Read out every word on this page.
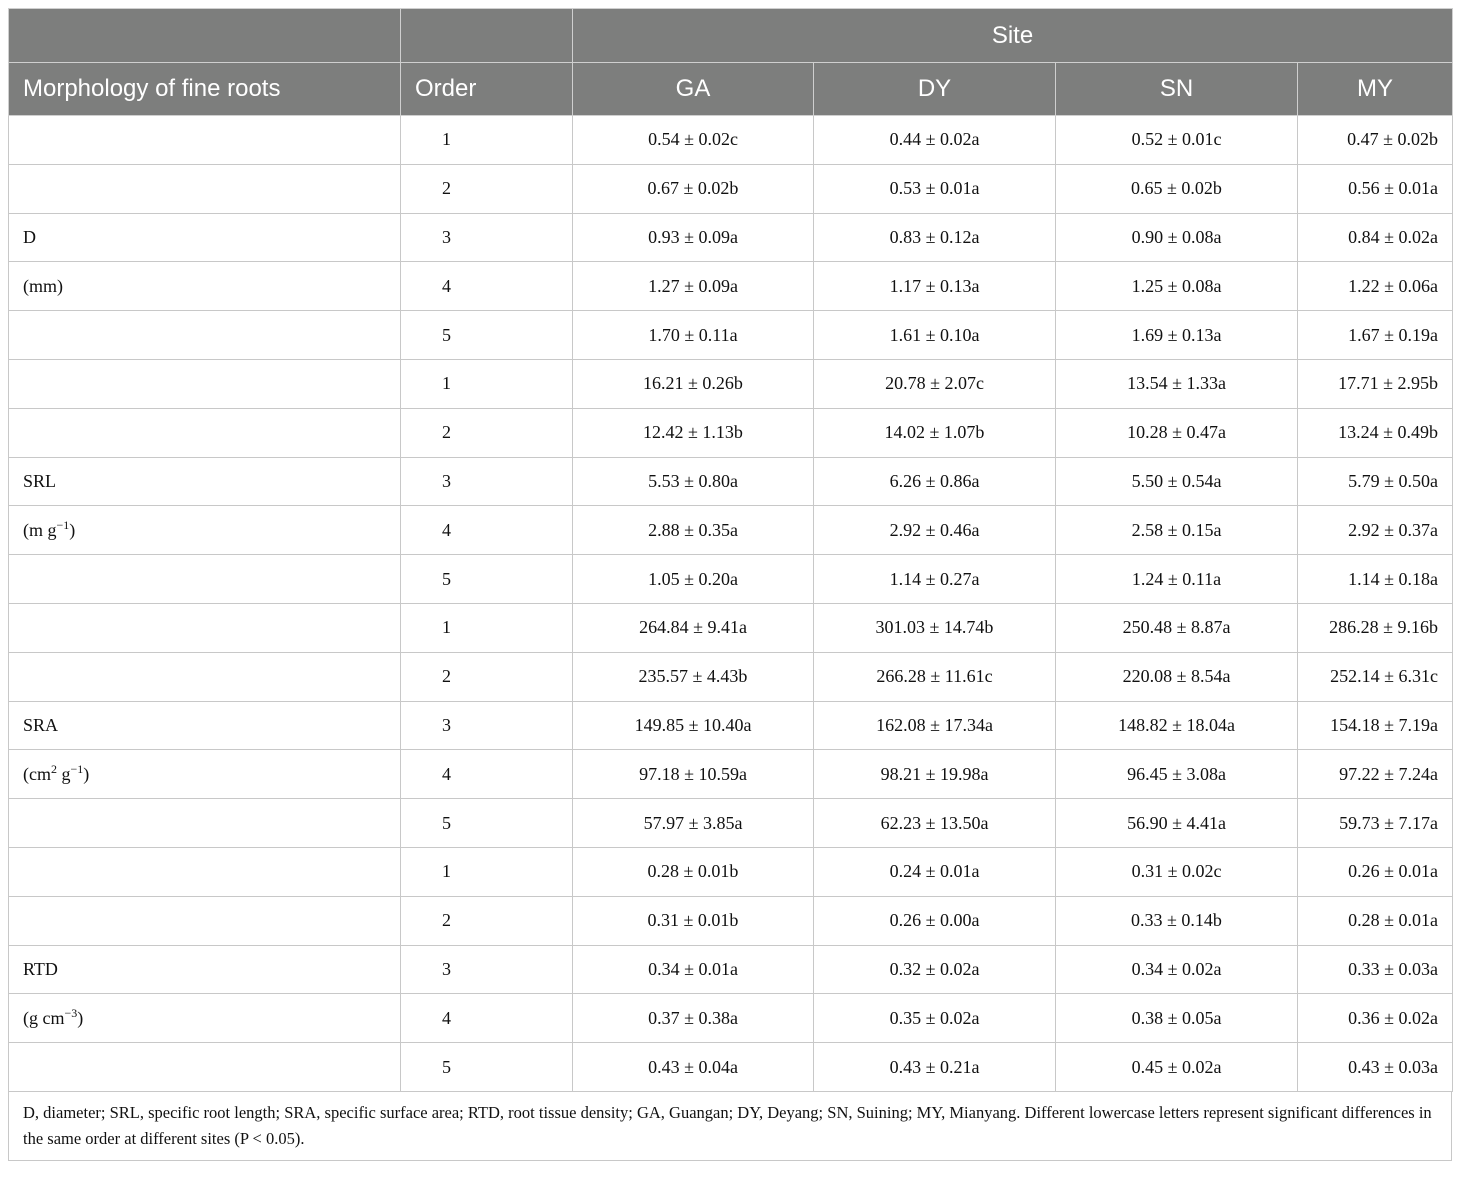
		Site			
Morphology of fine roots	Order	GA	DY	SN	MY
	1	0.54 ± 0.02c	0.44 ± 0.02a	0.52 ± 0.01c	0.47 ± 0.02b
	2	0.67 ± 0.02b	0.53 ± 0.01a	0.65 ± 0.02b	0.56 ± 0.01a
D	3	0.93 ± 0.09a	0.83 ± 0.12a	0.90 ± 0.08a	0.84 ± 0.02a
(mm)	4	1.27 ± 0.09a	1.17 ± 0.13a	1.25 ± 0.08a	1.22 ± 0.06a
	5	1.70 ± 0.11a	1.61 ± 0.10a	1.69 ± 0.13a	1.67 ± 0.19a
	1	16.21 ± 0.26b	20.78 ± 2.07c	13.54 ± 1.33a	17.71 ± 2.95b
	2	12.42 ± 1.13b	14.02 ± 1.07b	10.28 ± 0.47a	13.24 ± 0.49b
SRL	3	5.53 ± 0.80a	6.26 ± 0.86a	5.50 ± 0.54a	5.79 ± 0.50a
(m $g^{-1}$)	4	2.88 ± 0.35a	2.92 ± 0.46a	2.58 ± 0.15a	2.92 ± 0.37a
	5	1.05 ± 0.20a	1.14 ± 0.27a	1.24 ± 0.11a	1.14 ± 0.18a
	1	264.84 ± 9.41a	301.03 ± 14.74b	250.48 ± 8.87a	286.28 ± 9.16b
	2	235.57 ± 4.43b	266.28 ± 11.61c	220.08 ± 8.54a	252.14 ± 6.31c
SRA	3	149.85 ± 10.40a	162.08 ± 17.34a	148.82 ± 18.04a	154.18 ± 7.19a
($cm^2$ $g^{-1}$)	4	97.18 ± 10.59a	98.21 ± 19.98a	96.45 ± 3.08a	97.22 ± 7.24a
	5	57.97 ± 3.85a	62.23 ± 13.50a	56.90 ± 4.41a	59.73 ± 7.17a
	1	0.28 ± 0.01b	0.24 ± 0.01a	0.31 ± 0.02c	0.26 ± 0.01a
	2	0.31 ± 0.01b	0.26 ± 0.00a	0.33 ± 0.14b	0.28 ± 0.01a
RTD	3	0.34 ± 0.01a	0.32 ± 0.02a	0.34 ± 0.02a	0.33 ± 0.03a
(g $cm^{-3}$)	4	0.37 ± 0.38a	0.35 ± 0.02a	0.38 ± 0.05a	0.36 ± 0.02a
	5	0.43 ± 0.04a	0.43 ± 0.21a	0.45 ± 0.02a	0.43 ± 0.03a
D, diameter; SRL, specific root length; SRA, specific surface area; RTD, root tissue density; GA, Guangan; DY, Deyang; SN, Suining; MY, Mianyang. Different lowercase letters represent significant differences in the same order at different sites (P < 0.05).
